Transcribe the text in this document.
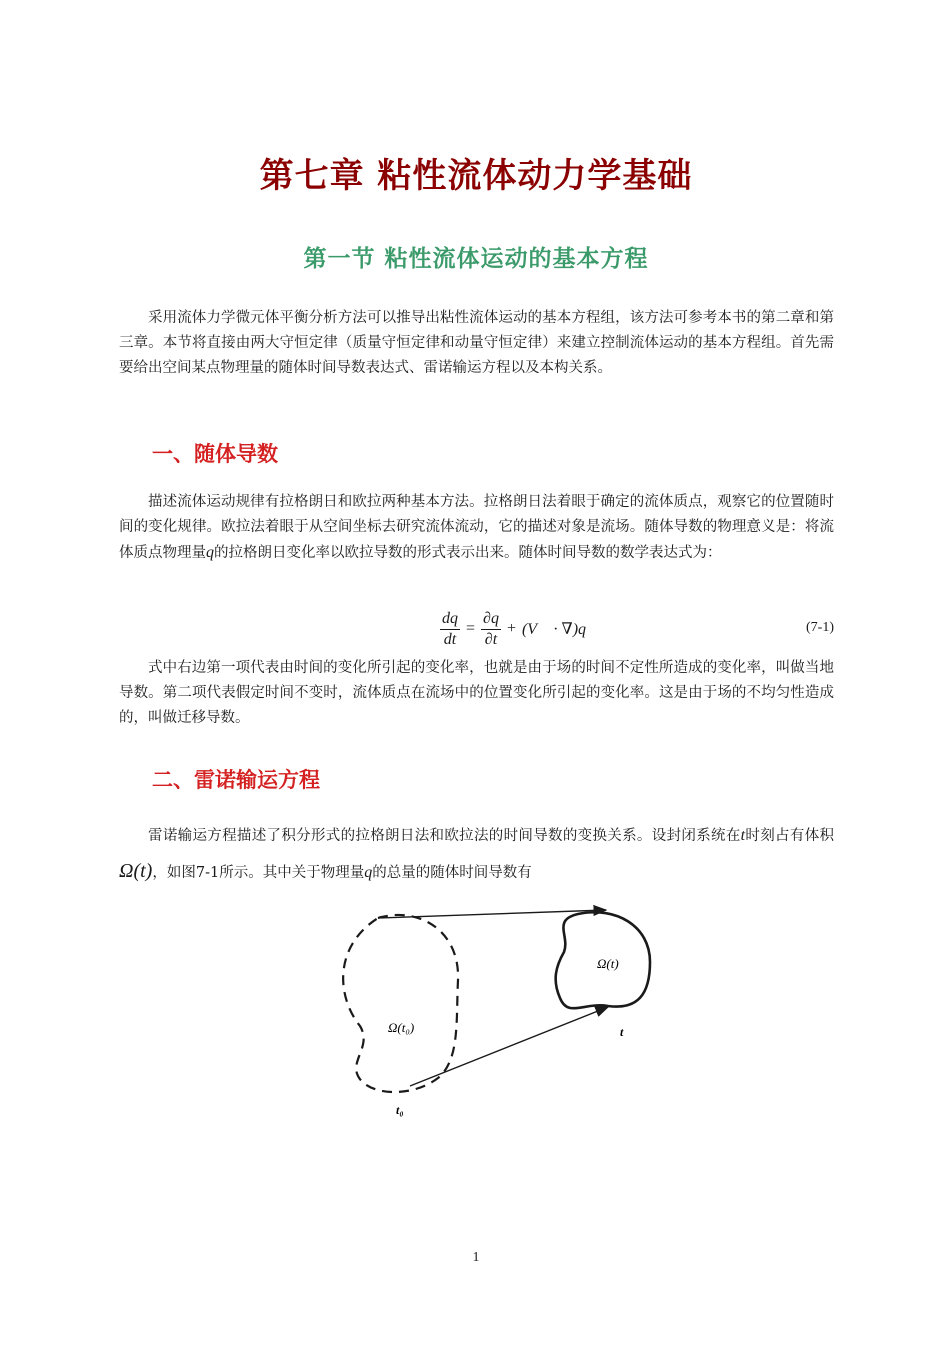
第七章 粘性流体动力学基础
第一节 粘性流体运动的基本方程

采用流体力学微元体平衡分析方法可以推导出粘性流体运动的基本方程组，该方法可参考本书的第二章和第三章。本节将直接由两大守恒定律（质量守恒定律和动量守恒定律）来建立控制流体运动的基本方程组。首先需要给出空间某点物理量的随体时间导数表达式、雷诺输运方程以及本构关系。

一、随体导数

描述流体运动规律有拉格朗日和欧拉两种基本方法。拉格朗日法着眼于确定的流体质点，观察它的位置随时间的变化规律。欧拉法着眼于从空间坐标去研究流体流动，它的描述对象是流场。随体导数的物理意义是：将流体质点物理量q的拉格朗日变化率以欧拉导数的形式表示出来。随体时间导数的数学表达式为：

$\frac{dq}{dt} = \frac{\partial q}{\partial t}$ + (V⃗ · ∇)q	(7-1)

式中右边第一项代表由时间的变化所引起的变化率，也就是由于场的时间不定性所造成的变化率，叫做当地导数。第二项代表假定时间不变时，流体质点在流场中的位置变化所引起的变化率。这是由于场的不均匀性造成的，叫做迁移导数。

二、雷诺输运方程

雷诺输运方程描述了积分形式的拉格朗日法和欧拉法的时间导数的变换关系。设封闭系统在t时刻占有体积Ω(t)，如图7-1所示。其中关于物理量q的总量的随体时间导数有

Ω(t)
Ω(t₀)	t
t₀
1
